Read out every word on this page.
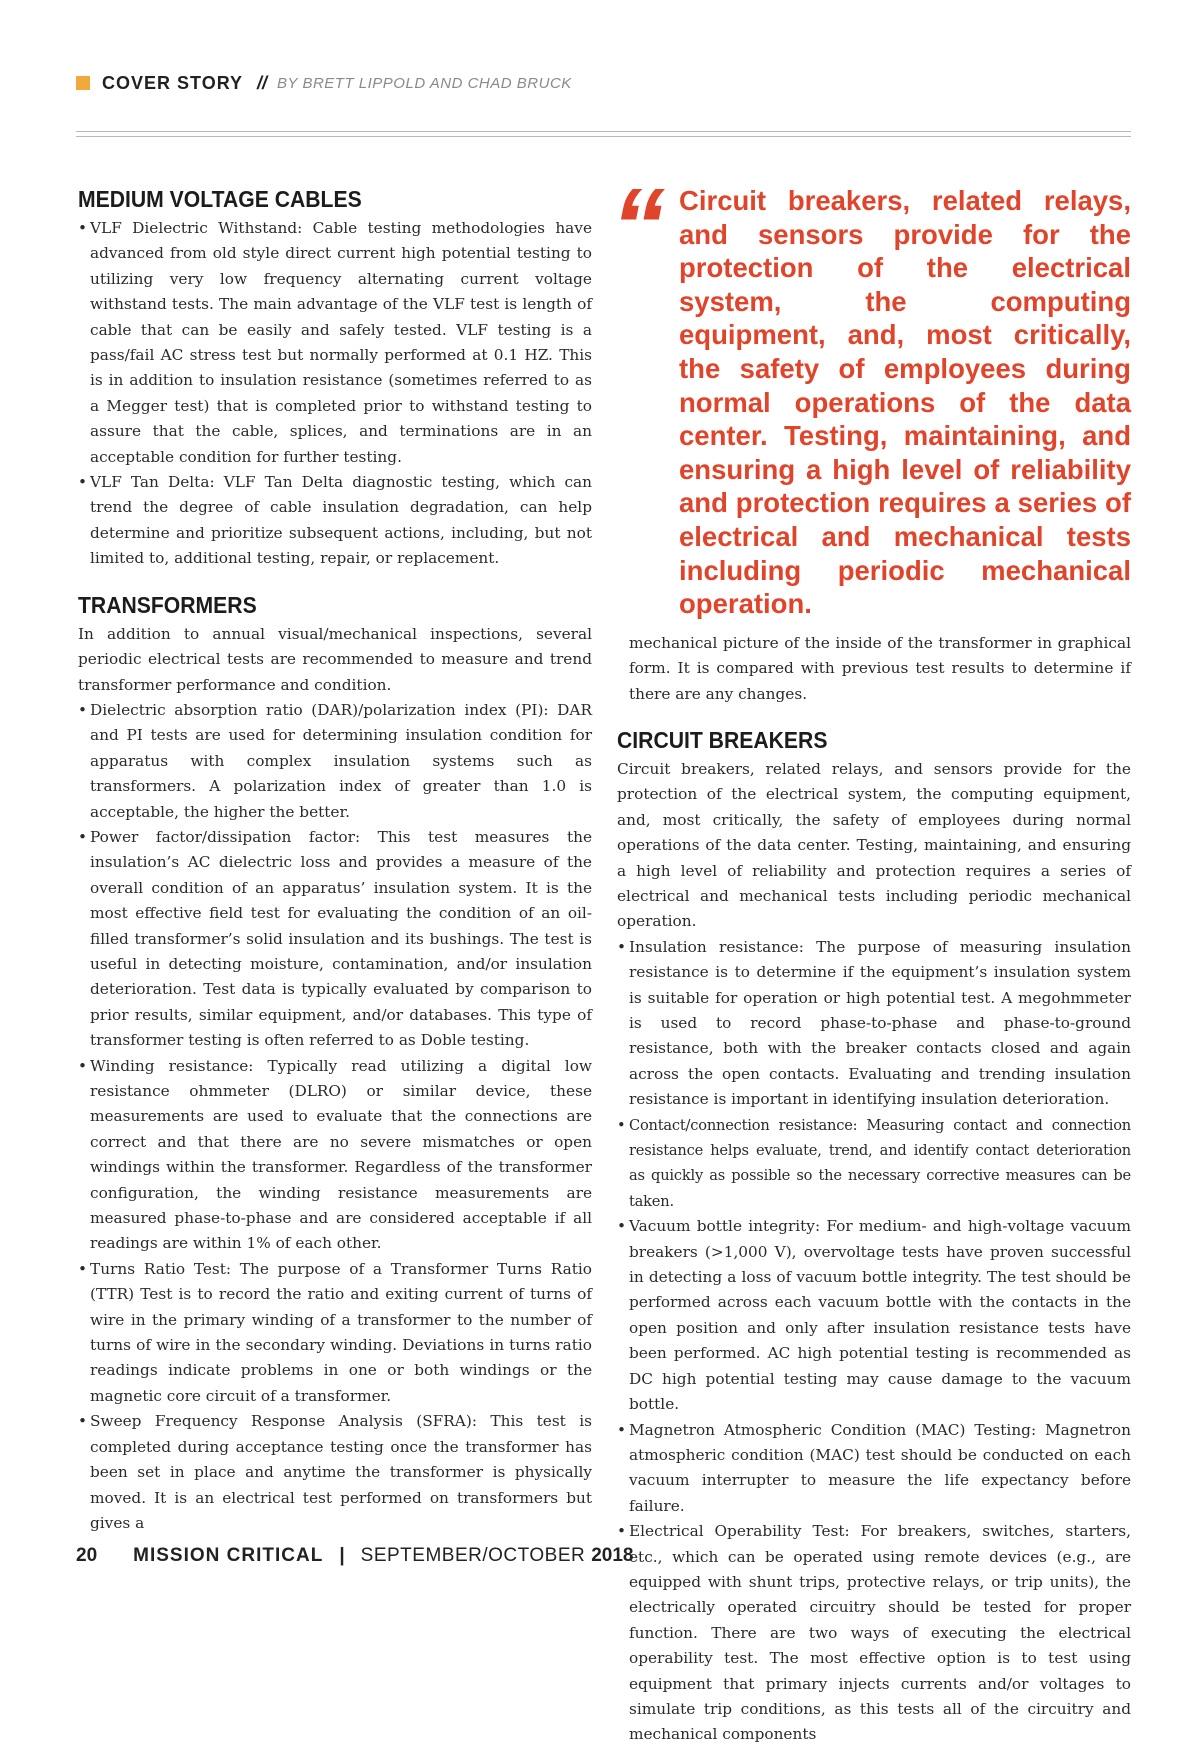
COVER STORY // BY BRETT LIPPOLD AND CHAD BRUCK
MEDIUM VOLTAGE CABLES
• VLF Dielectric Withstand: Cable testing methodologies have advanced from old style direct current high potential testing to utilizing very low frequency alternating current voltage withstand tests. The main advantage of the VLF test is length of cable that can be easily and safely tested. VLF testing is a pass/fail AC stress test but normally performed at 0.1 HZ. This is in addition to insulation resistance (sometimes referred to as a Megger test) that is completed prior to withstand testing to assure that the cable, splices, and terminations are in an acceptable condition for further testing.
• VLF Tan Delta: VLF Tan Delta diagnostic testing, which can trend the degree of cable insulation degradation, can help determine and prioritize subsequent actions, including, but not limited to, additional testing, repair, or replacement.
TRANSFORMERS

In addition to annual visual/mechanical inspections, several periodic electrical tests are recommended to measure and trend transformer performance and condition.

• Dielectric absorption ratio (DAR)/polarization index (PI): DAR and PI tests are used for determining insulation condition for apparatus with complex insulation systems such as transformers. A polarization index of greater than 1.0 is acceptable, the higher the better.
• Power factor/dissipation factor: This test measures the insulation’s AC dielectric loss and provides a measure of the overall condition of an apparatus’ insulation system. It is the most effective field test for evaluating the condition of an oil-filled transformer’s solid insulation and its bushings. The test is useful in detecting moisture, contamination, and/or insulation deterioration. Test data is typically evaluated by comparison to prior results, similar equipment, and/or databases. This type of transformer testing is often referred to as Doble testing.
• Winding resistance: Typically read utilizing a digital low resistance ohmmeter (DLRO) or similar device, these measurements are used to evaluate that the connections are correct and that there are no severe mismatches or open windings within the transformer. Regardless of the transformer configuration, the winding resistance measurements are measured phase-to-phase and are considered acceptable if all readings are within 1% of each other.
• Turns Ratio Test: The purpose of a Transformer Turns Ratio (TTR) Test is to record the ratio and exiting current of turns of wire in the primary winding of a transformer to the number of turns of wire in the secondary winding. Deviations in turns ratio readings indicate problems in one or both windings or the magnetic core circuit of a transformer.
• Sweep Frequency Response Analysis (SFRA): This test is completed during acceptance testing once the transformer has been set in place and anytime the transformer is physically moved. It is an electrical test performed on transformers but gives a
“ Circuit breakers, related relays, and sensors provide for the protection of the electrical system, the computing equipment, and, most critically, the safety of employees during normal operations of the data center. Testing, maintaining, and ensuring a high level of reliability and protection requires a series of electrical and mechanical tests including periodic mechanical operation.

mechanical picture of the inside of the transformer in graphical form. It is compared with previous test results to determine if there are any changes.

CIRCUIT BREAKERS

Circuit breakers, related relays, and sensors provide for the protection of the electrical system, the computing equipment, and, most critically, the safety of employees during normal operations of the data center. Testing, maintaining, and ensuring a high level of reliability and protection requires a series of electrical and mechanical tests including periodic mechanical operation.

• Insulation resistance: The purpose of measuring insulation resistance is to determine if the equipment’s insulation system is suitable for operation or high potential test. A megohmmeter is used to record phase-to-phase and phase-to-ground resistance, both with the breaker contacts closed and again across the open contacts. Evaluating and trending insulation resistance is important in identifying insulation deterioration.
• Contact/connection resistance: Measuring contact and connection resistance helps evaluate, trend, and identify contact deterioration as quickly as possible so the necessary corrective measures can be taken.
• Vacuum bottle integrity: For medium- and high-voltage vacuum breakers (>1,000 V), overvoltage tests have proven successful in detecting a loss of vacuum bottle integrity. The test should be performed across each vacuum bottle with the contacts in the open position and only after insulation resistance tests have been performed. AC high potential testing is recommended as DC high potential testing may cause damage to the vacuum bottle.
• Magnetron Atmospheric Condition (MAC) Testing: Magnetron atmospheric condition (MAC) test should be conducted on each vacuum interrupter to measure the life expectancy before failure.
• Electrical Operability Test: For breakers, switches, starters, etc., which can be operated using remote devices (e.g., are equipped with shunt trips, protective relays, or trip units), the electrically operated circuitry should be tested for proper function. There are two ways of executing the electrical operability test. The most effective option is to test using equipment that primary injects currents and/or voltages to simulate trip conditions, as this tests all of the circuitry and mechanical components
20 MISSION CRITICAL | SEPTEMBER/OCTOBER 2018
